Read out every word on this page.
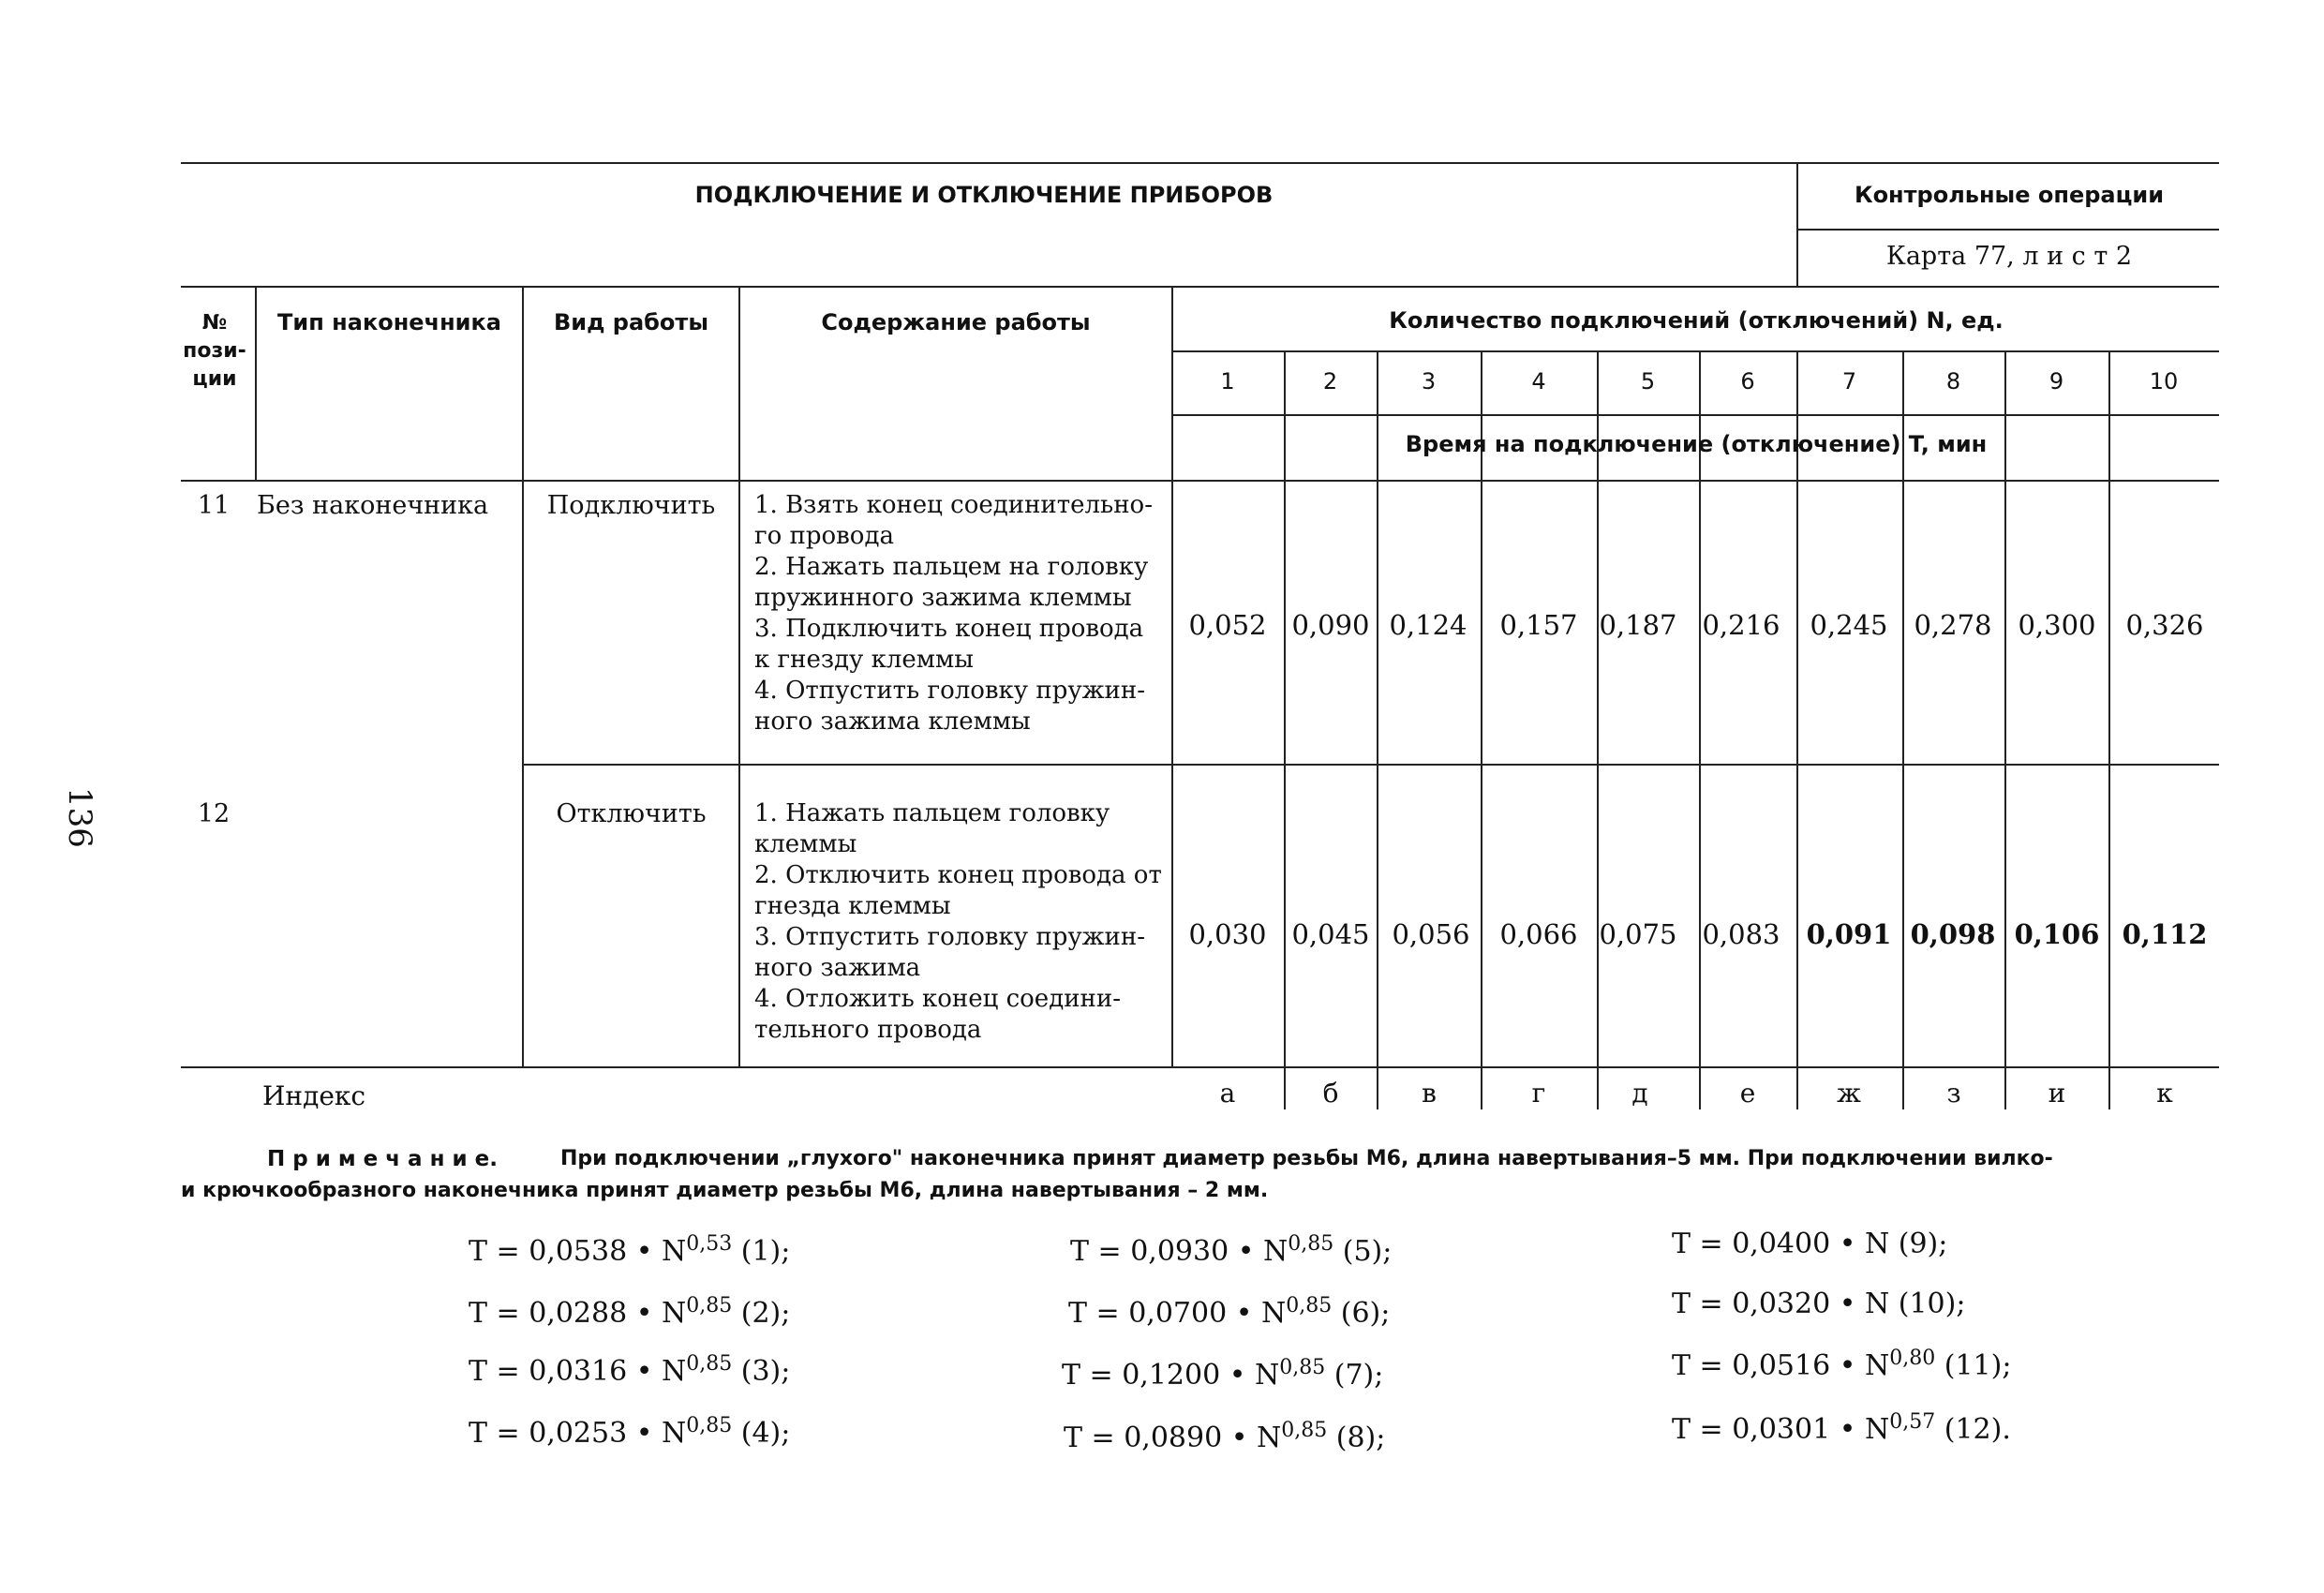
ПОДКЛЮЧЕНИЕ И ОТКЛЮЧЕНИЕ ПРИБОРОВ	Контрольные операции
Карта 77, л и с т 2
№ пози-ции
Тип наконечника	Вид работы	Содержание работы	Количество подключений (отключений) N, ед.
Время на подключение (отключение) T, мин
1	2	3	4	5	6	7	8	9	10
136
11	Без наконечника	Подключить	1. Взять конец соединительно-
го провода
2. Нажать пальцем на головку
пружинного зажима клеммы
3. Подключить конец провода
к гнезду клеммы
4. Отпустить головку пружин-
ного зажима клеммы
0,052 0,090 0,124	0,157 0,187 0,216	0,245 0,278 0,300	0,326
12	Отключить	1. Нажать пальцем головку
клеммы
2. Отключить конец провода от
гнезда клеммы
3. Отпустить головку пружин-
ного зажима
4. Отложить конец соедини-
тельного провода
0,030 0,045 0,056	0,066 0,075 0,083 0,091 0,098 0,106 0,112
Индекс	а	б	в	г	д	е	ж	з	и	к
П р и м е ч а н и е.	При подключении „глухого" наконечника принят диаметр резьбы М6, длина навертывания–5 мм. При подключении вилко-
и крючкообразного наконечника принят диаметр резьбы М6, длина навертывания – 2 мм.
T = 0,0538 • N$^{0,53}$ (1);
T = 0,0288 • N$^{0,85}$ (2);
T = 0,0316 • N$^{0,85}$ (3);
T = 0,0253 • N$^{0,85}$ (4);
T = 0,0930 • N$^{0,85}$ (5);
T = 0,0700 • N$^{0,85}$ (6);
T = 0,1200 • N$^{0,85}$ (7);
T = 0,0890 • N$^{0,85}$ (8);
T = 0,0400 • N (9);
T = 0,0320 • N (10);
T = 0,0516 • N$^{0,80}$ (11);
T = 0,0301 • N$^{0,57}$ (12).
